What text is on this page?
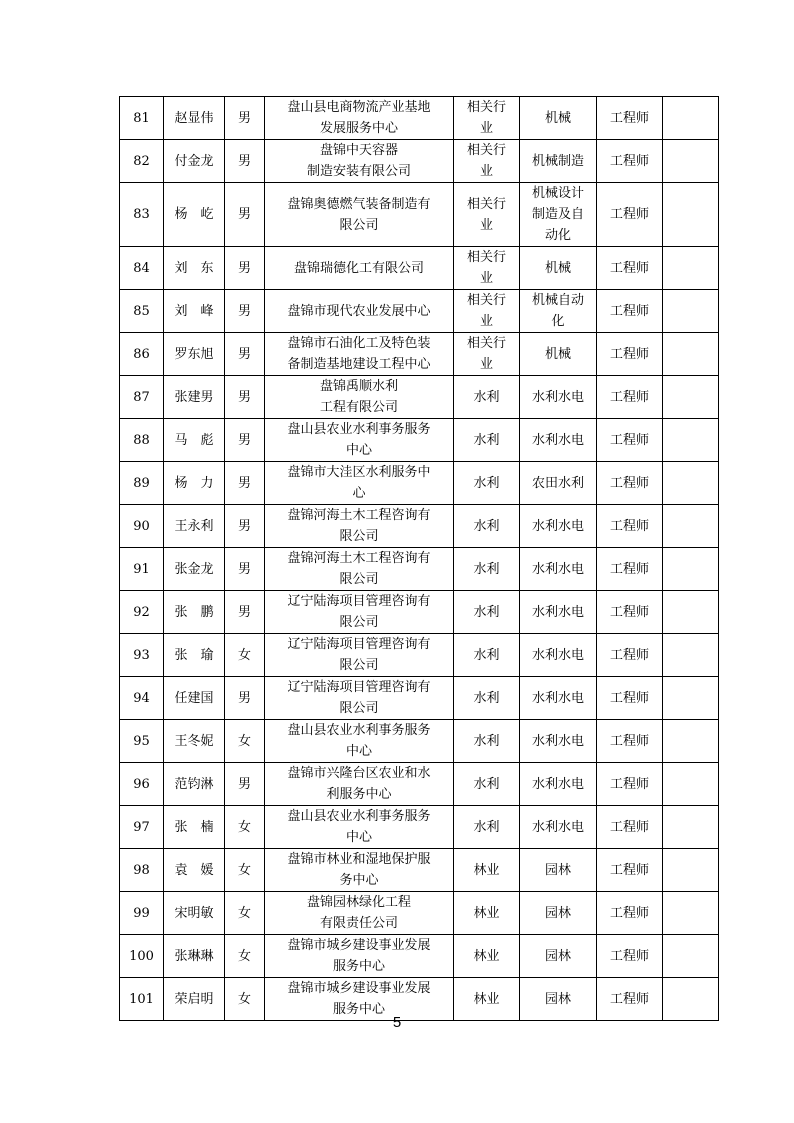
81	赵显伟	男	盘山县电商物流产业基地
发展服务中心	相关行
业	机械	工程师	
82	付金龙	男	盘锦中天容器
制造安装有限公司	相关行
业	机械制造	工程师	
83	杨　屹	男	盘锦奥德燃气装备制造有
限公司	相关行
业	机械设计
制造及自
动化	工程师	
84	刘　东	男	盘锦瑞德化工有限公司	相关行
业	机械	工程师	
85	刘　峰	男	盘锦市现代农业发展中心	相关行
业	机械自动
化	工程师	
86	罗东旭	男	盘锦市石油化工及特色装
备制造基地建设工程中心	相关行
业	机械	工程师	
87	张建男	男	盘锦禹顺水利
工程有限公司	水利	水利水电	工程师	
88	马　彪	男	盘山县农业水利事务服务
中心	水利	水利水电	工程师	
89	杨　力	男	盘锦市大洼区水利服务中
心	水利	农田水利	工程师	
90	王永利	男	盘锦河海土木工程咨询有
限公司	水利	水利水电	工程师	
91	张金龙	男	盘锦河海土木工程咨询有
限公司	水利	水利水电	工程师	
92	张　鹏	男	辽宁陆海项目管理咨询有
限公司	水利	水利水电	工程师	
93	张　瑜	女	辽宁陆海项目管理咨询有
限公司	水利	水利水电	工程师	
94	任建国	男	辽宁陆海项目管理咨询有
限公司	水利	水利水电	工程师	
95	王冬妮	女	盘山县农业水利事务服务
中心	水利	水利水电	工程师	
96	范钧淋	男	盘锦市兴隆台区农业和水
利服务中心	水利	水利水电	工程师	
97	张　楠	女	盘山县农业水利事务服务
中心	水利	水利水电	工程师	
98	袁　媛	女	盘锦市林业和湿地保护服
务中心	林业	园林	工程师	
99	宋明敏	女	盘锦园林绿化工程
有限责任公司	林业	园林	工程师	
100	张琳琳	女	盘锦市城乡建设事业发展
服务中心	林业	园林	工程师	
101	荣启明	女	盘锦市城乡建设事业发展
服务中心	林业	园林	工程师	
5
